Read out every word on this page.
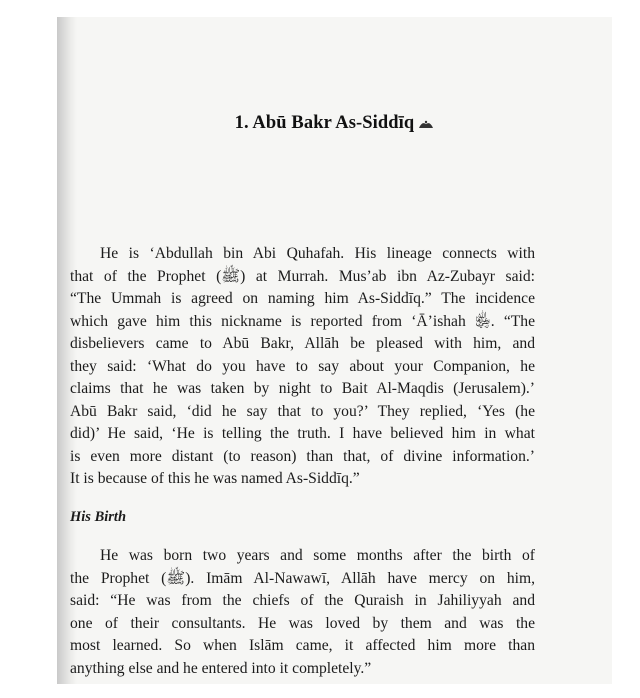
1. Abū Bakr As-Siddīq
He is ‘Abdullah bin Abi Quhafah. His lineage connects with
that of the Prophet (ﷺ) at Murrah. Mus’ab ibn Az-Zubayr said:
“The Ummah is agreed on naming him As-Siddīq.” The incidence
which gave him this nickname is reported from ‘Ā’ishah ﵂. “The
disbelievers came to Abū Bakr, Allāh be pleased with him, and
they said: ‘What do you have to say about your Companion, he
claims that he was taken by night to Bait Al-Maqdis (Jerusalem).’
Abū Bakr said, ‘did he say that to you?’ They replied, ‘Yes (he
did)’ He said, ‘He is telling the truth. I have believed him in what
is even more distant (to reason) than that, of divine information.’
It is because of this he was named As-Siddīq.”
His Birth
He was born two years and some months after the birth of
the Prophet (ﷺ). Imām Al-Nawawī, Allāh have mercy on him,
said: “He was from the chiefs of the Quraish in Jahiliyyah and
one of their consultants. He was loved by them and was the
most learned. So when Islām came, it affected him more than
anything else and he entered into it completely.”
